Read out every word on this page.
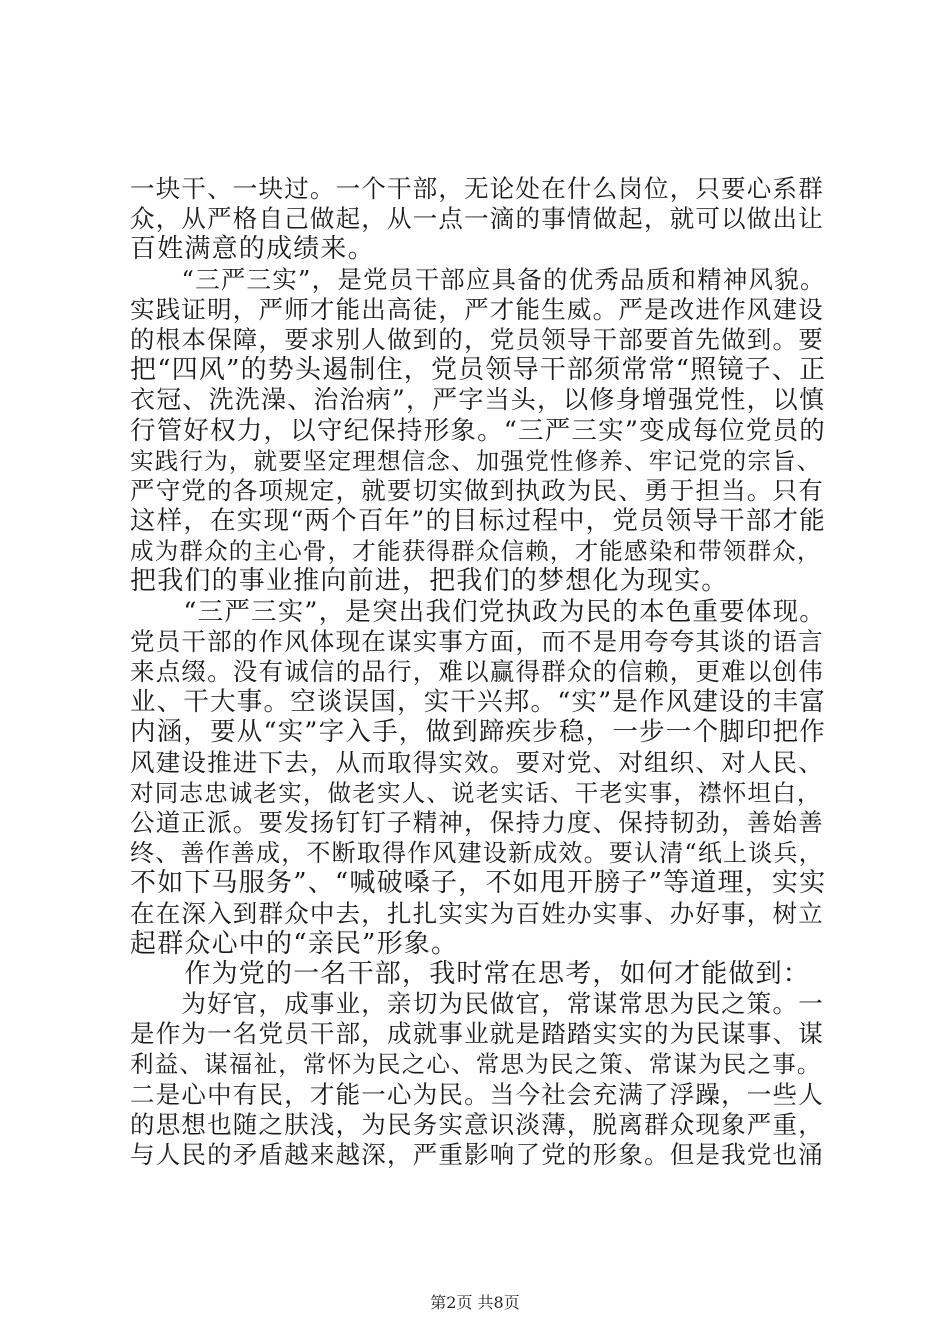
一块干、一块过。一个干部，无论处在什么岗位，只要心系群
众，从严格自己做起，从一点一滴的事情做起，就可以做出让
百姓满意的成绩来。
　　“三严三实”，是党员干部应具备的优秀品质和精神风貌。
实践证明，严师才能出高徒，严才能生威。严是改进作风建设
的根本保障，要求别人做到的，党员领导干部要首先做到。要
把“四风”的势头遏制住，党员领导干部须常常“照镜子、正
衣冠、洗洗澡、治治病”，严字当头，以修身增强党性，以慎
行管好权力，以守纪保持形象。“三严三实”变成每位党员的
实践行为，就要坚定理想信念、加强党性修养、牢记党的宗旨、
严守党的各项规定，就要切实做到执政为民、勇于担当。只有
这样，在实现“两个百年”的目标过程中，党员领导干部才能
成为群众的主心骨，才能获得群众信赖，才能感染和带领群众，
把我们的事业推向前进，把我们的梦想化为现实。
　　“三严三实”，是突出我们党执政为民的本色重要体现。
党员干部的作风体现在谋实事方面，而不是用夸夸其谈的语言
来点缀。没有诚信的品行，难以赢得群众的信赖，更难以创伟
业、干大事。空谈误国，实干兴邦。“实”是作风建设的丰富
内涵，要从“实”字入手，做到蹄疾步稳，一步一个脚印把作
风建设推进下去，从而取得实效。要对党、对组织、对人民、
对同志忠诚老实，做老实人、说老实话、干老实事，襟怀坦白，
公道正派。要发扬钉钉子精神，保持力度、保持韧劲，善始善
终、善作善成，不断取得作风建设新成效。要认清“纸上谈兵，
不如下马服务”、“喊破嗓子，不如甩开膀子”等道理，实实
在在深入到群众中去，扎扎实实为百姓办实事、办好事，树立
起群众心中的“亲民”形象。
　　作为党的一名干部，我时常在思考，如何才能做到：
　　为好官，成事业，亲切为民做官，常谋常思为民之策。一
是作为一名党员干部，成就事业就是踏踏实实的为民谋事、谋
利益、谋福祉，常怀为民之心、常思为民之策、常谋为民之事。
二是心中有民，才能一心为民。当今社会充满了浮躁，一些人
的思想也随之肤浅，为民务实意识淡薄，脱离群众现象严重，
与人民的矛盾越来越深，严重影响了党的形象。但是我党也涌
第2页 共8页
